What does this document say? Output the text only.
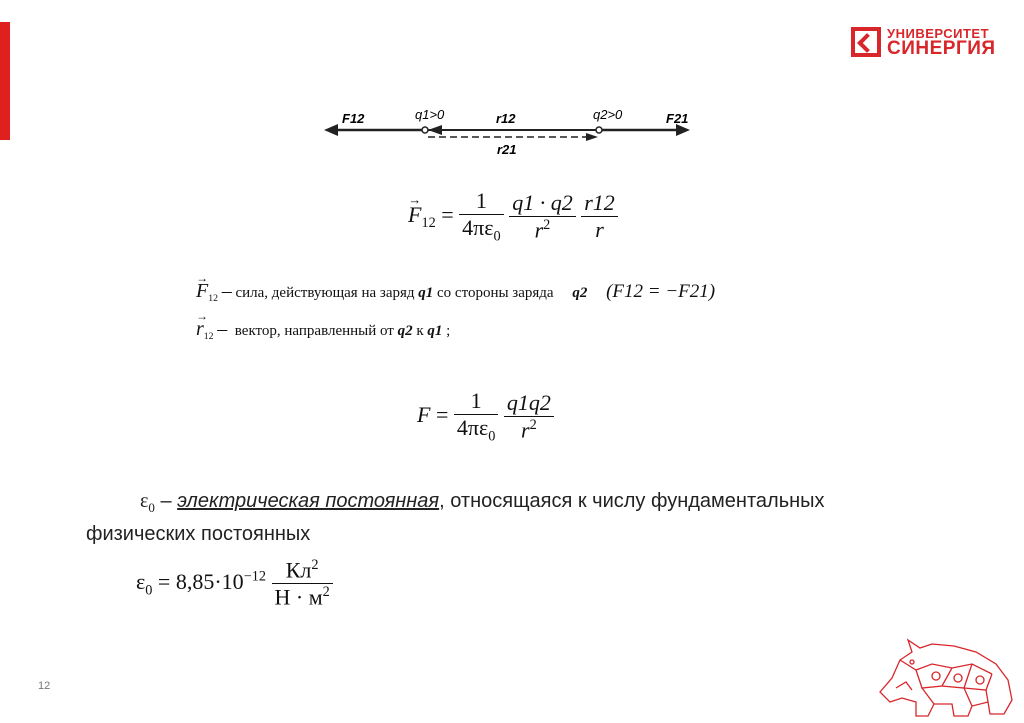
УНИВЕРСИТЕТ
СИНЕРГИЯ
F12	q1>0	r12	q2>0	F21
r21
→ $F_{12} = \frac{1}{4\pi\varepsilon_0}$
$\frac{q1 \cdot q2}{r^2}$
$\frac{r12}{r}$
→ $F_{12}$ – сила, действующая на заряд q1 со стороны заряда q2 (F12 = −F21)
→ $r_{12}$ – вектор, направленный от q2 к q1 ;
$F = \frac{1}{4\pi\varepsilon_0}$
$\frac{q1q2}{r^2}$
$\varepsilon_0$ – электрическая постоянная, относящаяся к числу фундаментальных
физических постоянных
$\varepsilon_0 = 8,85\cdot 10^{-12} \frac{Кл^2}{Н \cdot м^2}$
12
